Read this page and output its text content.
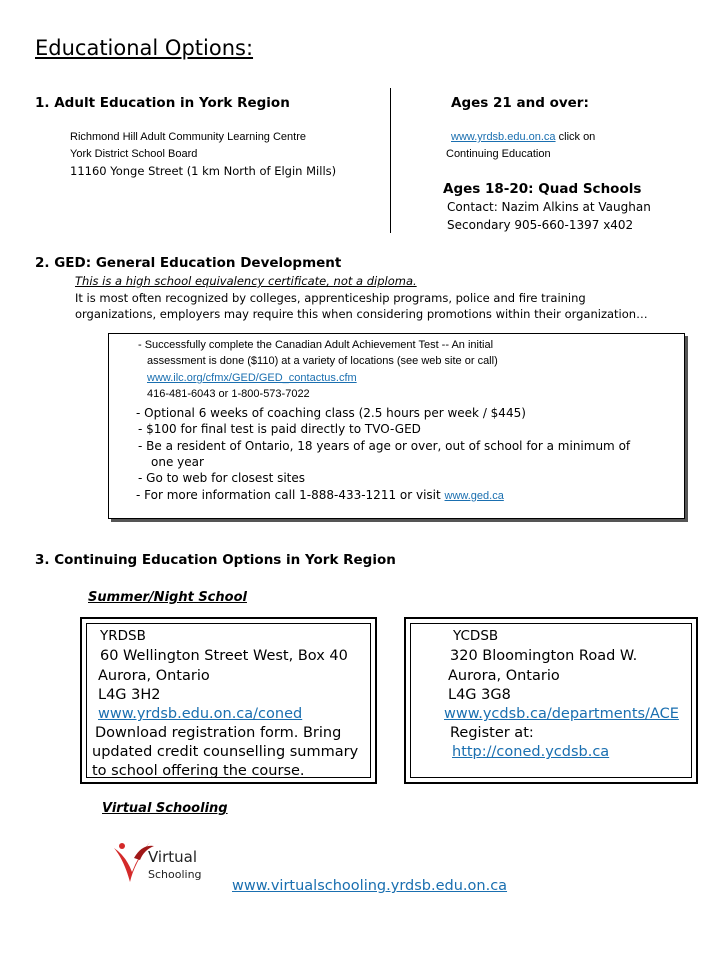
Educational Options:
1. Adult Education in York Region	Ages 21 and over:
Richmond Hill Adult Community Learning Centre
York District School Board
11160 Yonge Street (1 km North of Elgin Mills)
www.yrdsb.edu.on.ca click on
Continuing Education
Ages 18-20: Quad Schools
Contact: Nazim Alkins at Vaughan
Secondary 905-660-1397 x402
2. GED: General Education Development
This is a high school equivalency certificate, not a diploma.
It is most often recognized by colleges, apprenticeship programs, police and fire training
organizations, employers may require this when considering promotions within their organization…
- Successfully complete the Canadian Adult Achievement Test -- An initial
assessment is done ($110) at a variety of locations (see web site or call)
www.ilc.org/cfmx/GED/GED_contactus.cfm
416-481-6043 or 1-800-573-7022
- Optional 6 weeks of coaching class (2.5 hours per week / $445)
- $100 for final test is paid directly to TVO-GED
- Be a resident of Ontario, 18 years of age or over, out of school for a minimum of
one year
- Go to web for closest sites
- For more information call 1-888-433-1211 or visit www.ged.ca
3. Continuing Education Options in York Region
Summer/Night School
YRDSB
60 Wellington Street West, Box 40
Aurora, Ontario
L4G 3H2
www.yrdsb.edu.on.ca/coned
Download registration form. Bring
updated credit counselling summary
to school offering the course.
YCDSB
320 Bloomington Road W.
Aurora, Ontario
L4G 3G8
www.ycdsb.ca/departments/ACE
Register at:
http://coned.ycdsb.ca
Virtual Schooling
Virtual
Schooling
www.virtualschooling.yrdsb.edu.on.ca
